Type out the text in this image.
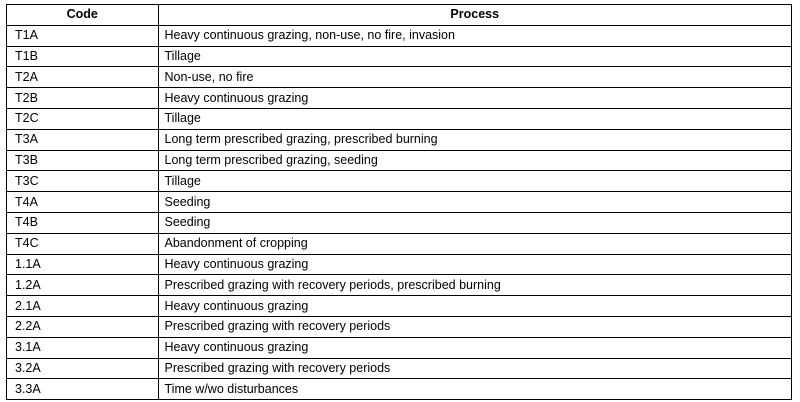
Code	Process
T1A	Heavy continuous grazing, non-use, no fire, invasion
T1B	Tillage
T2A	Non-use, no fire
T2B	Heavy continuous grazing
T2C	Tillage
T3A	Long term prescribed grazing, prescribed burning
T3B	Long term prescribed grazing, seeding
T3C	Tillage
T4A	Seeding
T4B	Seeding
T4C	Abandonment of cropping
1.1A	Heavy continuous grazing
1.2A	Prescribed grazing with recovery periods, prescribed burning
2.1A	Heavy continuous grazing
2.2A	Prescribed grazing with recovery periods
3.1A	Heavy continuous grazing
3.2A	Prescribed grazing with recovery periods
3.3A	Time w/wo disturbances
